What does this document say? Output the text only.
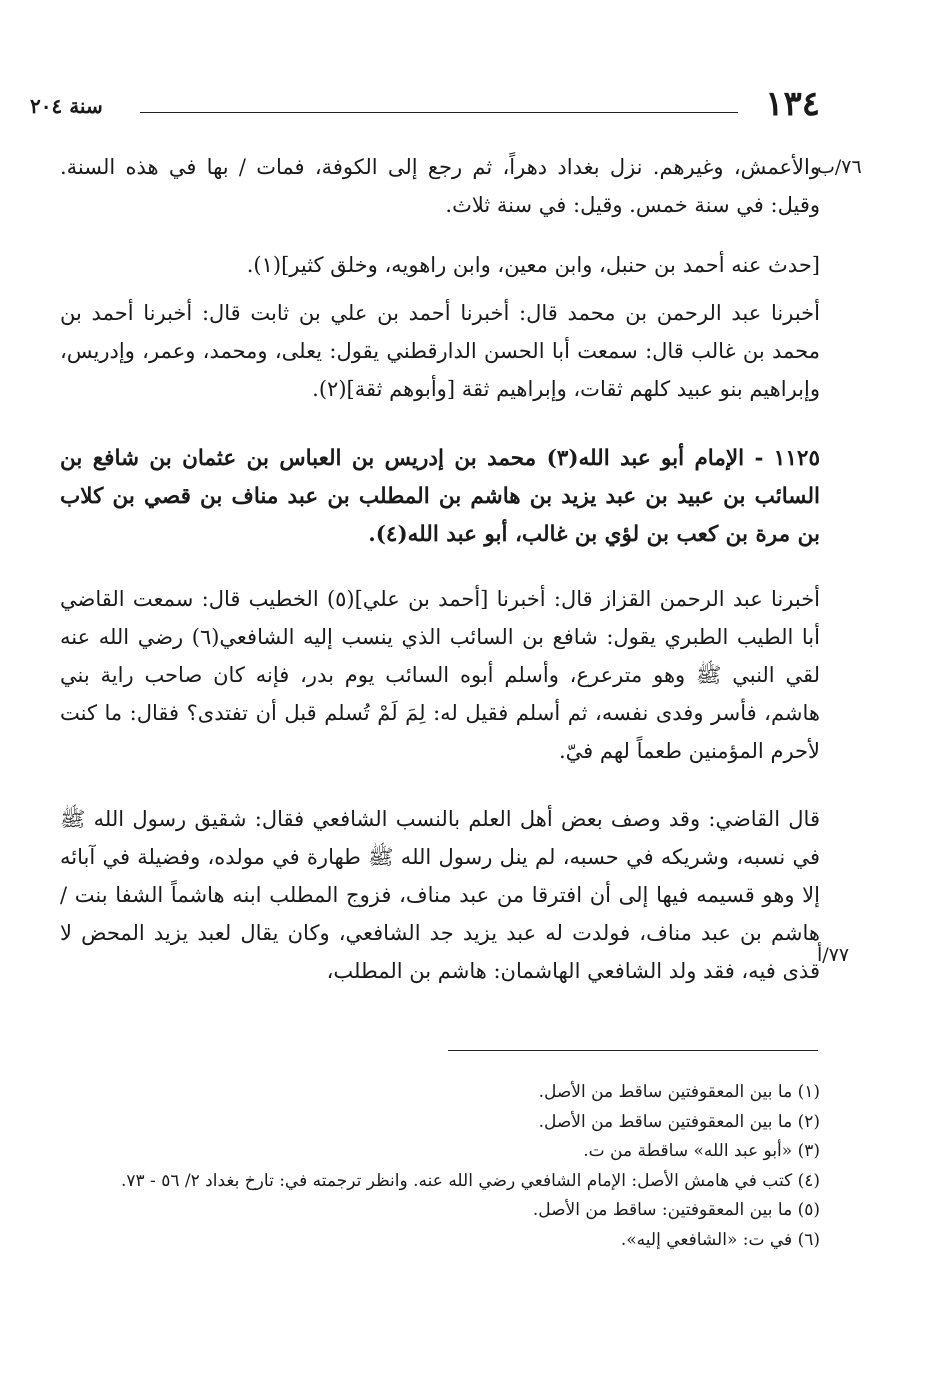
١٣٤
سنة ٢٠٤
٧٦/ب
٧٧/أ
والأعمش، وغيرهم. نزل بغداد دهراً، ثم رجع إلى الكوفة، فمات / بها في هذه السنة. وقيل: في سنة خمس. وقيل: في سنة ثلاث.
[حدث عنه أحمد بن حنبل، وابن معين، وابن راهويه، وخلق كثير](١).
أخبرنا عبد الرحمن بن محمد قال: أخبرنا أحمد بن علي بن ثابت قال: أخبرنا أحمد بن محمد بن غالب قال: سمعت أبا الحسن الدارقطني يقول: يعلى، ومحمد، وعمر، وإدريس، وإبراهيم بنو عبيد كلهم ثقات، وإبراهيم ثقة [وأبوهم ثقة](٢).
١١٢٥ - الإمام أبو عبد الله(٣) محمد بن إدريس بن العباس بن عثمان بن شافع بن السائب بن عبيد بن عبد يزيد بن هاشم بن المطلب بن عبد مناف بن قصي بن كلاب بن مرة بن كعب بن لؤي بن غالب، أبو عبد الله(٤).
أخبرنا عبد الرحمن القزاز قال: أخبرنا [أحمد بن علي](٥) الخطيب قال: سمعت القاضي أبا الطيب الطبري يقول: شافع بن السائب الذي ينسب إليه الشافعي(٦) رضي الله عنه لقي النبي ﷺ وهو مترعرع، وأسلم أبوه السائب يوم بدر، فإنه كان صاحب راية بني هاشم، فأسر وفدى نفسه، ثم أسلم فقيل له: لِمَ لَمْ تُسلم قبل أن تفتدى؟ فقال: ما كنت لأحرم المؤمنين طعماً لهم فيّ.
قال القاضي: وقد وصف بعض أهل العلم بالنسب الشافعي فقال: شقيق رسول الله ﷺ في نسبه، وشريكه في حسبه، لم ينل رسول الله ﷺ طهارة في مولده، وفضيلة في آبائه إلا وهو قسيمه فيها إلى أن افترقا من عبد مناف، فزوج المطلب ابنه هاشماً الشفا بنت / هاشم بن عبد مناف، فولدت له عبد يزيد جد الشافعي، وكان يقال لعبد يزيد المحض لا قذى فيه، فقد ولد الشافعي الهاشمان: هاشم بن المطلب،
(١) ما بين المعقوفتين ساقط من الأصل.
(٢) ما بين المعقوفتين ساقط من الأصل.
(٣) «أبو عبد الله» ساقطة من ت.
(٤) كتب في هامش الأصل: الإمام الشافعي رضي الله عنه. وانظر ترجمته في: تارخ بغداد ٢/ ٥٦ - ٧٣.
(٥) ما بين المعقوفتين: ساقط من الأصل.
(٦) في ت: «الشافعي إليه».
